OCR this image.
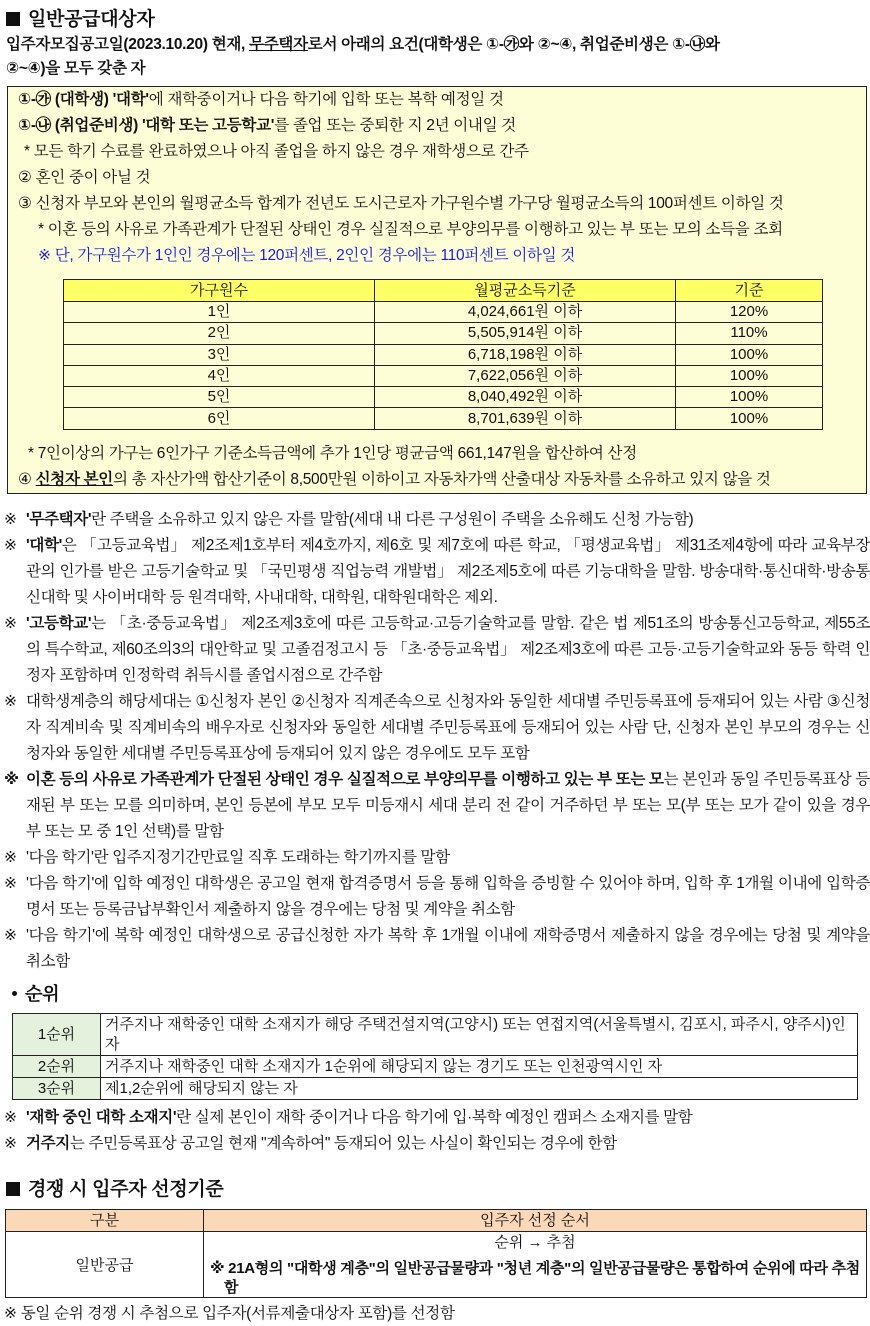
일반공급대상자
입주자모집공고일(2023.10.20) 현재, 무주택자로서 아래의 요건(대학생은 ①-㉮와 ②~④, 취업준비생은 ①-㉯와
②~④)을 모두 갖춘 자
①-㉮ (대학생) '대학'에 재학중이거나 다음 학기에 입학 또는 복학 예정일 것
①-㉯ (취업준비생) '대학 또는 고등학교'를 졸업 또는 중퇴한 지 2년 이내일 것
* 모든 학기 수료를 완료하였으나 아직 졸업을 하지 않은 경우 재학생으로 간주
② 혼인 중이 아닐 것
③ 신청자 부모와 본인의 월평균소득 합계가 전년도 도시근로자 가구원수별 가구당 월평균소득의 100퍼센트 이하일 것
* 이혼 등의 사유로 가족관계가 단절된 상태인 경우 실질적으로 부양의무를 이행하고 있는 부 또는 모의 소득을 조회
※ 단, 가구원수가 1인인 경우에는 120퍼센트, 2인인 경우에는 110퍼센트 이하일 것
* 7인이상의 가구는 6인가구 기준소득금액에 추가 1인당 평균금액 661,147원을 합산하여 산정
④ 신청자 본인의 총 자산가액 합산기준이 8,500만원 이하이고 자동차가액 산출대상 자동차를 소유하고 있지 않을 것
가구원수	월평균소득기준	기준
1인	4,024,661원 이하	120%
2인	5,505,914원 이하	110%
3인	6,718,198원 이하	100%
4인	7,622,056원 이하	100%
5인	8,040,492원 이하	100%
6인	8,701,639원 이하	100%
※ '무주택자'란 주택을 소유하고 있지 않은 자를 말함(세대 내 다른 구성원이 주택을 소유해도 신청 가능함)
※ '대학'은 「고등교육법」 제2조제1호부터 제4호까지, 제6호 및 제7호에 따른 학교, 「평생교육법」 제31조제4항에 따라 교육부장관의 인가를 받은 고등기술학교 및 「국민평생 직업능력 개발법」 제2조제5호에 따른 기능대학을 말함. 방송대학·통신대학·방송통신대학 및 사이버대학 등 원격대학, 사내대학, 대학원, 대학원대학은 제외.
※ '고등학교'는 「초·중등교육법」 제2조제3호에 따른 고등학교·고등기술학교를 말함. 같은 법 제51조의 방송통신고등학교, 제55조의 특수학교, 제60조의3의 대안학교 및 고졸검정고시 등 「초·중등교육법」 제2조제3호에 따른 고등·고등기술학교와 동등 학력 인정자 포함하며 인정학력 취득시를 졸업시점으로 간주함
※ 대학생계층의 해당세대는 ①신청자 본인 ②신청자 직계존속으로 신청자와 동일한 세대별 주민등록표에 등재되어 있는 사람 ③신청자 직계비속 및 직계비속의 배우자로 신청자와 동일한 세대별 주민등록표에 등재되어 있는 사람 단, 신청자 본인 부모의 경우는 신청자와 동일한 세대별 주민등록표상에 등재되어 있지 않은 경우에도 모두 포함
※ 이혼 등의 사유로 가족관계가 단절된 상태인 경우 실질적으로 부양의무를 이행하고 있는 부 또는 모는 본인과 동일 주민등록표상 등재된 부 또는 모를 의미하며, 본인 등본에 부모 모두 미등재시 세대 분리 전 같이 거주하던 부 또는 모(부 또는 모가 같이 있을 경우 부 또는 모 중 1인 선택)를 말함
※ '다음 학기'란 입주지정기간만료일 직후 도래하는 학기까지를 말함
※ '다음 학기'에 입학 예정인 대학생은 공고일 현재 합격증명서 등을 통해 입학을 증빙할 수 있어야 하며, 입학 후 1개월 이내에 입학증명서 또는 등록금납부확인서 제출하지 않을 경우에는 당첨 및 계약을 취소함
※ '다음 학기'에 복학 예정인 대학생으로 공급신청한 자가 복학 후 1개월 이내에 재학증명서 제출하지 않을 경우에는 당첨 및 계약을 취소함
순위
1순위	거주지나 재학중인 대학 소재지가 해당 주택건설지역(고양시) 또는 연접지역(서울특별시, 김포시, 파주시, 양주시)인 자
2순위	거주지나 재학중인 대학 소재지가 1순위에 해당되지 않는 경기도 또는 인천광역시인 자
3순위	제1,2순위에 해당되지 않는 자
※ '재학 중인 대학 소재지'란 실제 본인이 재학 중이거나 다음 학기에 입·복학 예정인 캠퍼스 소재지를 말함
※ 거주지는 주민등록표상 공고일 현재 "계속하여" 등재되어 있는 사실이 확인되는 경우에 한함
경쟁 시 입주자 선정기준
구분	입주자 선정 순서
일반공급	순위 → 추첨
※ 21A형의 "대학생 계층"의 일반공급물량과 "청년 계층"의 일반공급물량은 통합하여 순위에 따라 추첨함
※ 동일 순위 경쟁 시 추첨으로 입주자(서류제출대상자 포함)를 선정함
